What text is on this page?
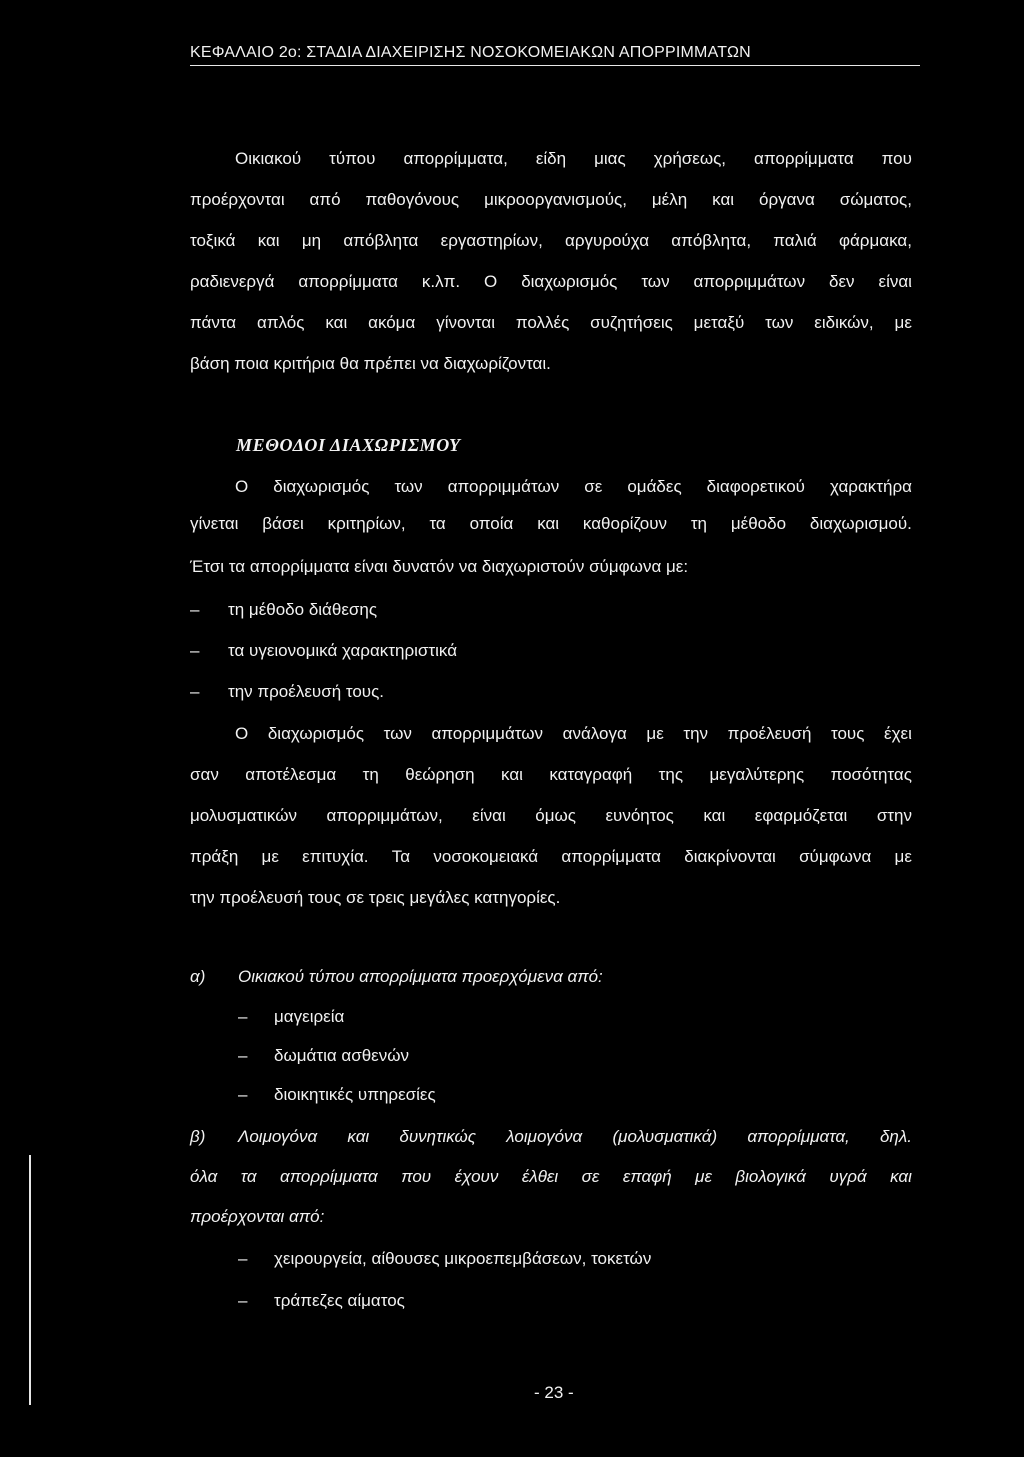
ΚΕΦΑΛΑΙΟ 2ο: ΣΤΑΔΙΑ ΔΙΑΧΕΙΡΙΣΗΣ ΝΟΣΟΚΟΜΕΙΑΚΩΝ ΑΠΟΡΡΙΜΜΑΤΩΝ
Οικιακού τύπου απορρίμματα, είδη μιας χρήσεως, απορρίμματα που
προέρχονται από παθογόνους μικροοργανισμούς, μέλη και όργανα σώματος,
τοξικά και μη απόβλητα εργαστηρίων, αργυρούχα απόβλητα, παλιά φάρμακα,
ραδιενεργά απορρίμματα κ.λπ. Ο διαχωρισμός των απορριμμάτων δεν είναι
πάντα απλός και ακόμα γίνονται πολλές συζητήσεις μεταξύ των ειδικών, με
βάση ποια κριτήρια θα πρέπει να διαχωρίζονται.
ΜΕΘΟΔΟΙ ΔΙΑΧΩΡΙΣΜΟΥ
Ο διαχωρισμός των απορριμμάτων σε ομάδες διαφορετικού χαρακτήρα
γίνεται βάσει κριτηρίων, τα οποία και καθορίζουν τη μέθοδο διαχωρισμού.
Έτσι τα απορρίμματα είναι δυνατόν να διαχωριστούν σύμφωνα με:
– τη μέθοδο διάθεσης
– τα υγειονομικά χαρακτηριστικά
– την προέλευσή τους.
Ο διαχωρισμός των απορριμμάτων ανάλογα με την προέλευσή τους έχει
σαν αποτέλεσμα τη θεώρηση και καταγραφή της μεγαλύτερης ποσότητας
μολυσματικών απορριμμάτων, είναι όμως ευνόητος και εφαρμόζεται στην
πράξη με επιτυχία. Τα νοσοκομειακά απορρίμματα διακρίνονται σύμφωνα με
την προέλευσή τους σε τρεις μεγάλες κατηγορίες.
α) Οικιακού τύπου απορρίμματα προερχόμενα από:
– μαγειρεία
– δωμάτια ασθενών
– διοικητικές υπηρεσίες
β) Λοιμογόνα και δυνητικώς λοιμογόνα (μολυσματικά) απορρίμματα, δηλ.
όλα τα απορρίμματα που έχουν έλθει σε επαφή με βιολογικά υγρά και
προέρχονται από:
– χειρουργεία, αίθουσες μικροεπεμβάσεων, τοκετών
– τράπεζες αίματος
- 23 -
